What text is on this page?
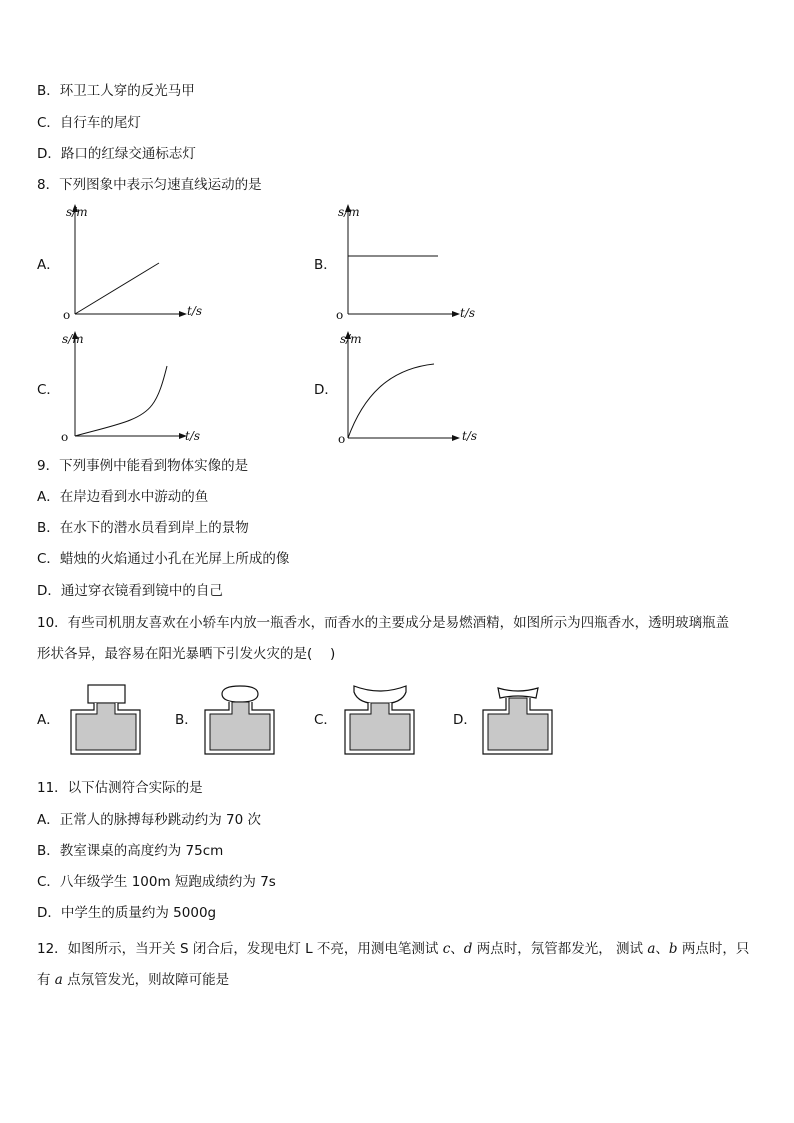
B．环卫工人穿的反光马甲
C．自行车的尾灯
D．路口的红绿交通标志灯
8．下列图象中表示匀速直线运动的是
A．
s/m
o	t/s
B．
s/m
o	t/s
C．
s/m
o	t/s
D．
s/m
o	t/s
9．下列事例中能看到物体实像的是
A．在岸边看到水中游动的鱼
B．在水下的潜水员看到岸上的景物
C．蜡烛的火焰通过小孔在光屏上所成的像
D．通过穿衣镜看到镜中的自己
10．有些司机朋友喜欢在小轿车内放一瓶香水，而香水的主要成分是易燃酒精，如图所示为四瓶香水，透明玻璃瓶盖
形状各异，最容易在阳光暴晒下引发火灾的是(　 )
A．	B．	C．	D．
11．以下估测符合实际的是
A．正常人的脉搏每秒跳动约为 70 次
B．教室课桌的高度约为 75cm
C．八年级学生 100m 短跑成绩约为 7s
D．中学生的质量约为 5000g
12．如图所示，当开关 S 闭合后，发现电灯 L 不亮，用测电笔测试 c、d 两点时，氖管都发光， 测试 a、b 两点时，只有 a 点氖管发光，则故障可能是
